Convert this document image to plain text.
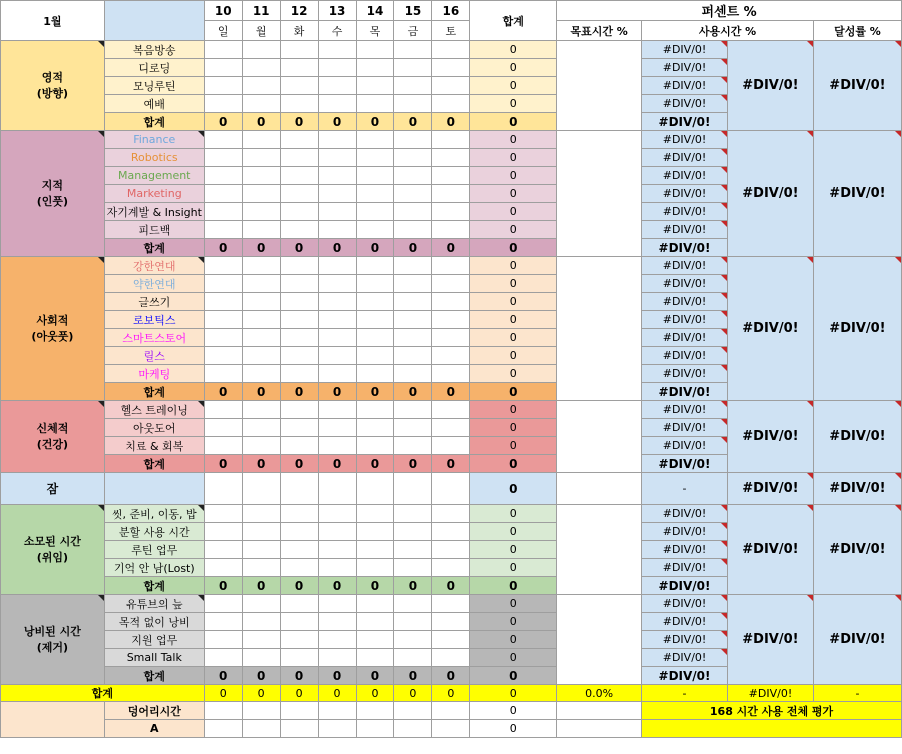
1월		10	11	12	13	14	15	16	합계	퍼센트 %			
		일	월	화	수	목	금	토		목표시간 %	사용시간 %		달성률 %
영적
(방향)	복음방송								0		#DIV/0!	#DIV/0!	#DIV/0!
	디로딩								0		#DIV/0!		
	모닝루틴								0		#DIV/0!		
	예배								0		#DIV/0!		
	합계	0	0	0	0	0	0	0	0		#DIV/0!		
지적
(인풋)	Finance								0		#DIV/0!	#DIV/0!	#DIV/0!
	Robotics								0		#DIV/0!		
	Management								0		#DIV/0!		
	Marketing								0		#DIV/0!		
	자기계발 & Insight								0		#DIV/0!		
	피드백								0		#DIV/0!		
	합계	0	0	0	0	0	0	0	0		#DIV/0!		
사회적
(아웃풋)	강한연대								0		#DIV/0!	#DIV/0!	#DIV/0!
	약한연대								0		#DIV/0!		
	글쓰기								0		#DIV/0!		
	로보틱스								0		#DIV/0!		
	스마트스토어								0		#DIV/0!		
	릴스								0		#DIV/0!		
	마케팅								0		#DIV/0!		
	합계	0	0	0	0	0	0	0	0		#DIV/0!		
신체적
(건강)	헬스 트레이닝								0		#DIV/0!	#DIV/0!	#DIV/0!
	아웃도어								0		#DIV/0!		
	치료 & 회복								0		#DIV/0!		
	합계	0	0	0	0	0	0	0	0		#DIV/0!		
잠									0		-	#DIV/0!	#DIV/0!
소모된 시간
(위임)	씻, 준비, 이동, 밥								0		#DIV/0!	#DIV/0!	#DIV/0!
	분할 사용 시간								0		#DIV/0!		
	루틴 업무								0		#DIV/0!		
	기억 안 남(Lost)								0		#DIV/0!		
	합계	0	0	0	0	0	0	0	0		#DIV/0!		
낭비된 시간
(제거)	유튜브의 늪								0		#DIV/0!	#DIV/0!	#DIV/0!
	목적 없이 낭비								0		#DIV/0!		
	지원 업무								0		#DIV/0!		
	Small Talk								0		#DIV/0!		
	합계	0	0	0	0	0	0	0	0		#DIV/0!		
합계		0	0	0	0	0	0	0	0	0.0%	-	#DIV/0!	-
	덩어리시간								0		168 시간 사용 전체 평가		
	A								0				
